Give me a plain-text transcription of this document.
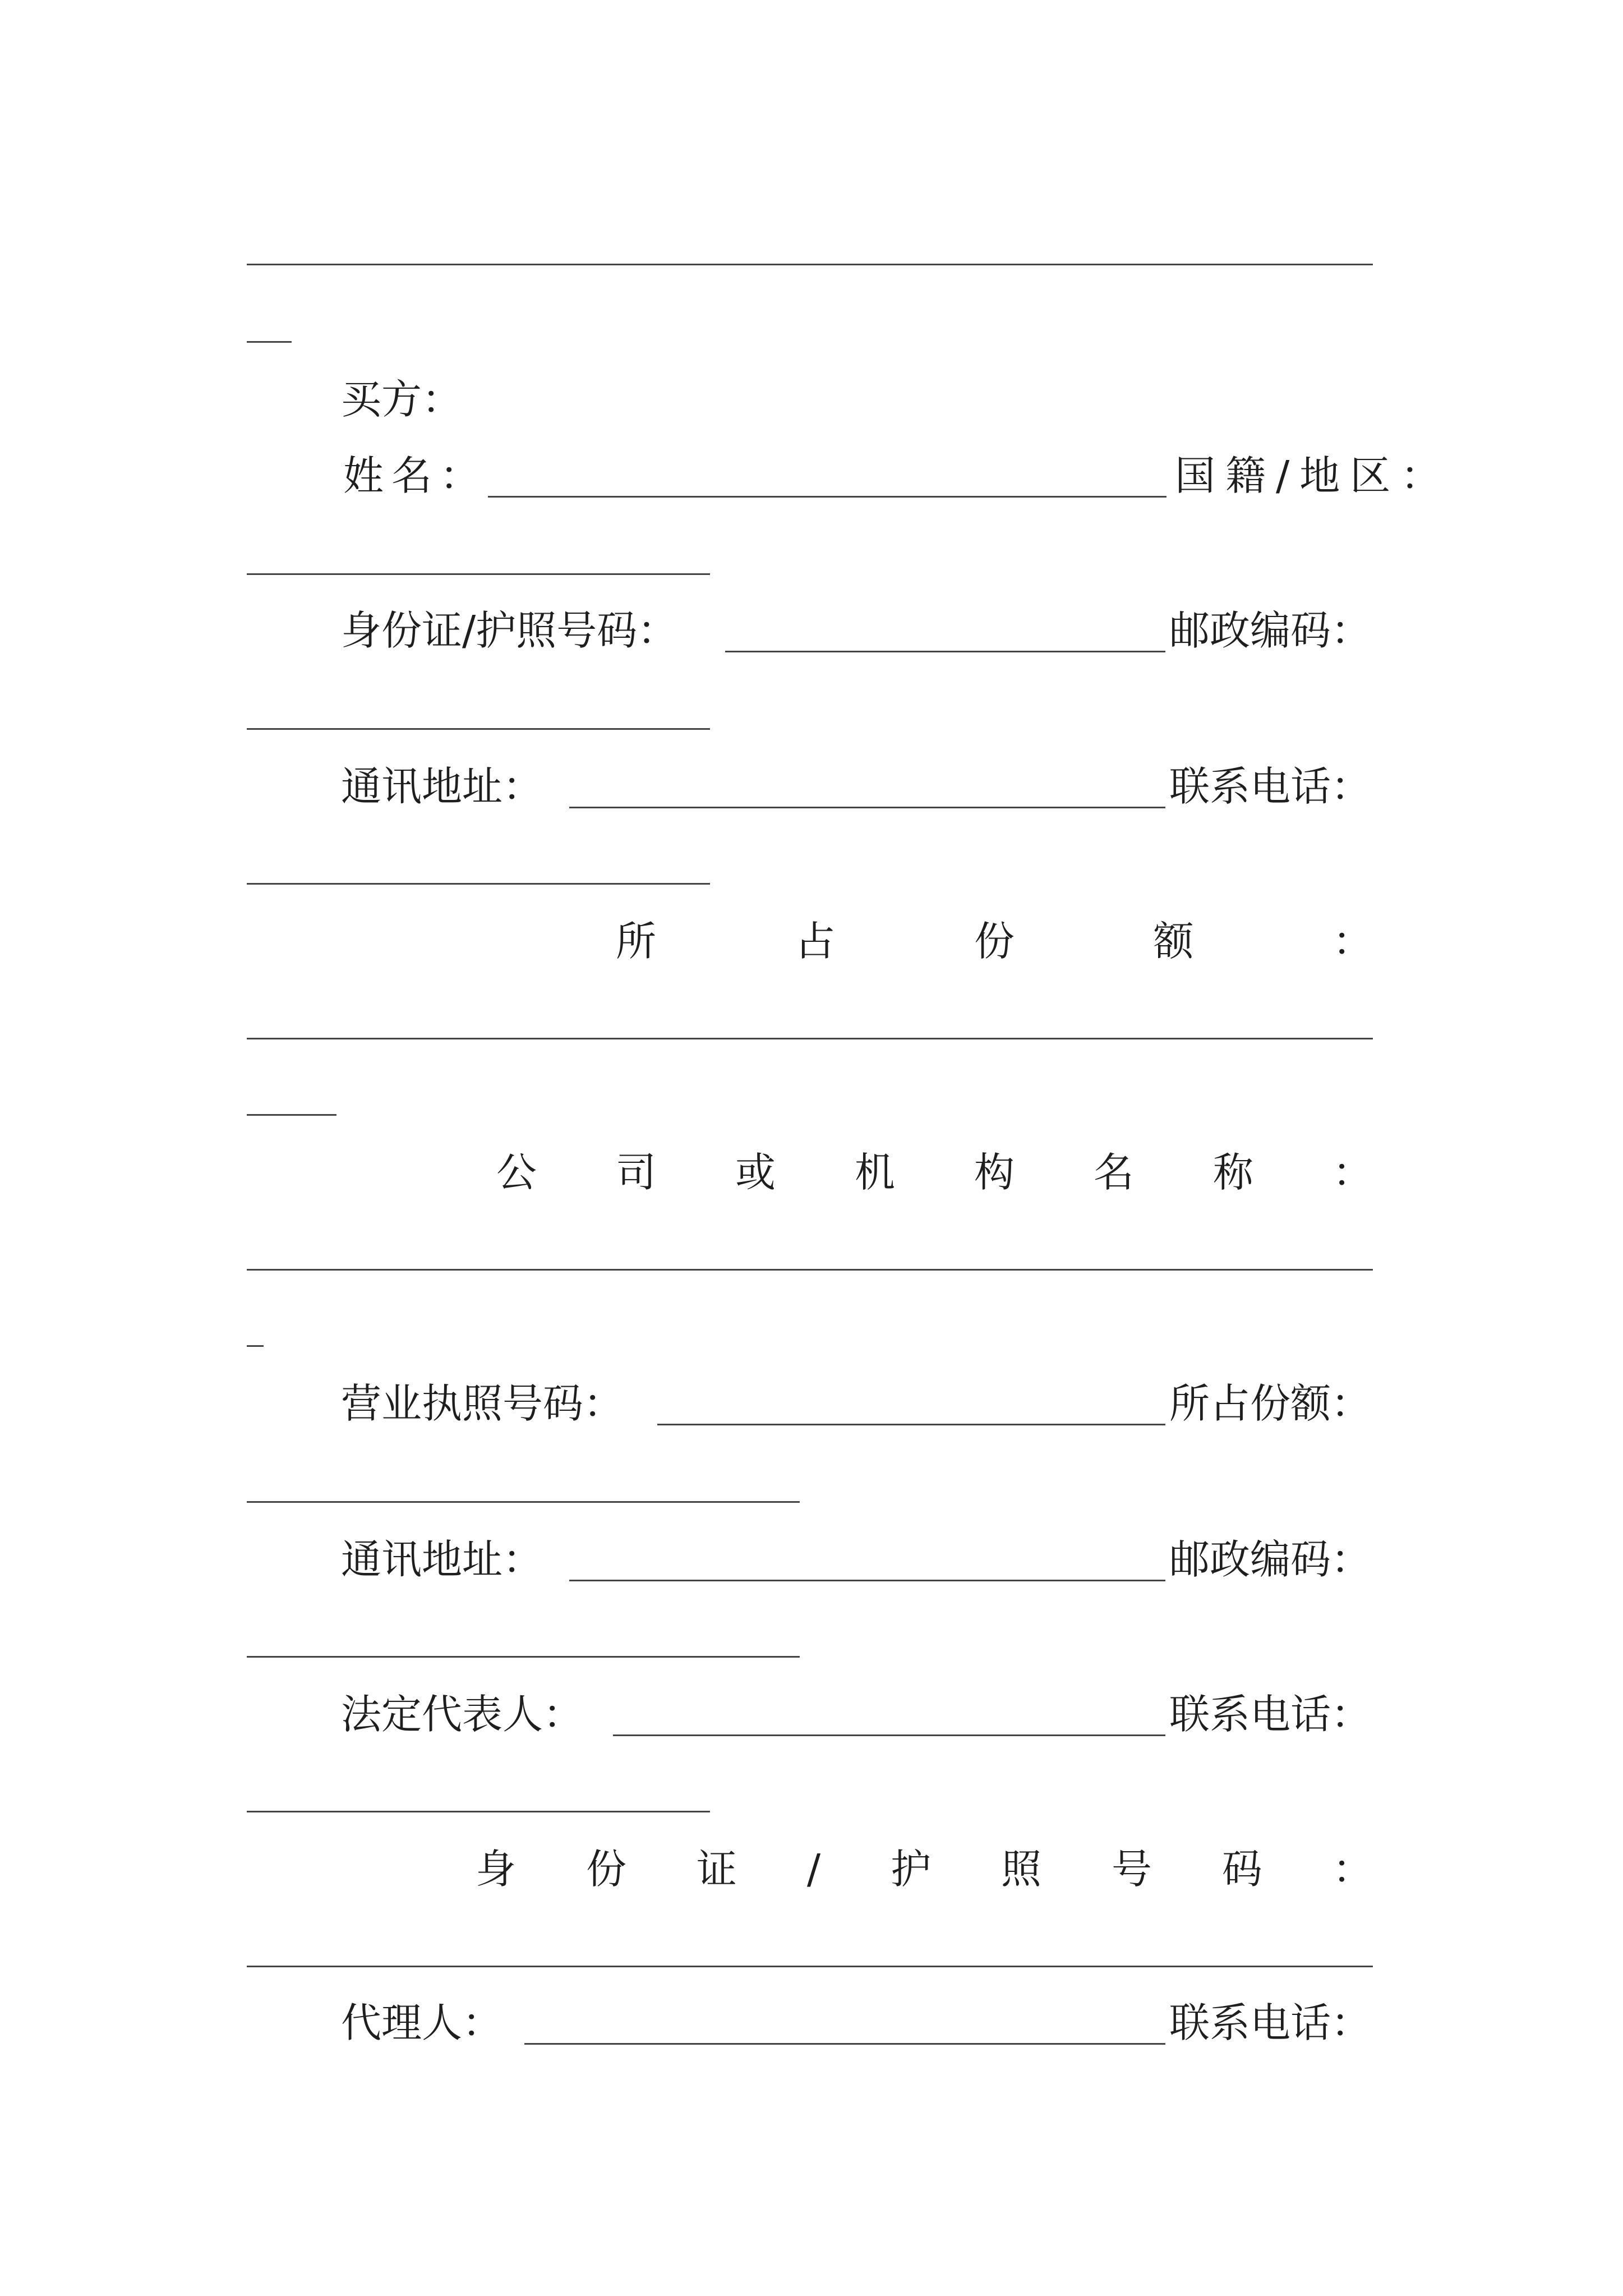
买方：
姓名：	国籍/地区：
身份证/护照号码：	邮政编码：
通讯地址：	联系电话：
所	占	份	额	：
公 司 或 机 构 名 称 ：
营业执照号码：	所占份额：
通讯地址：	邮政编码：
法定代表人：	联系电话：
身 份 证 / 护 照 号 码 ：
代理人：	联系电话：
